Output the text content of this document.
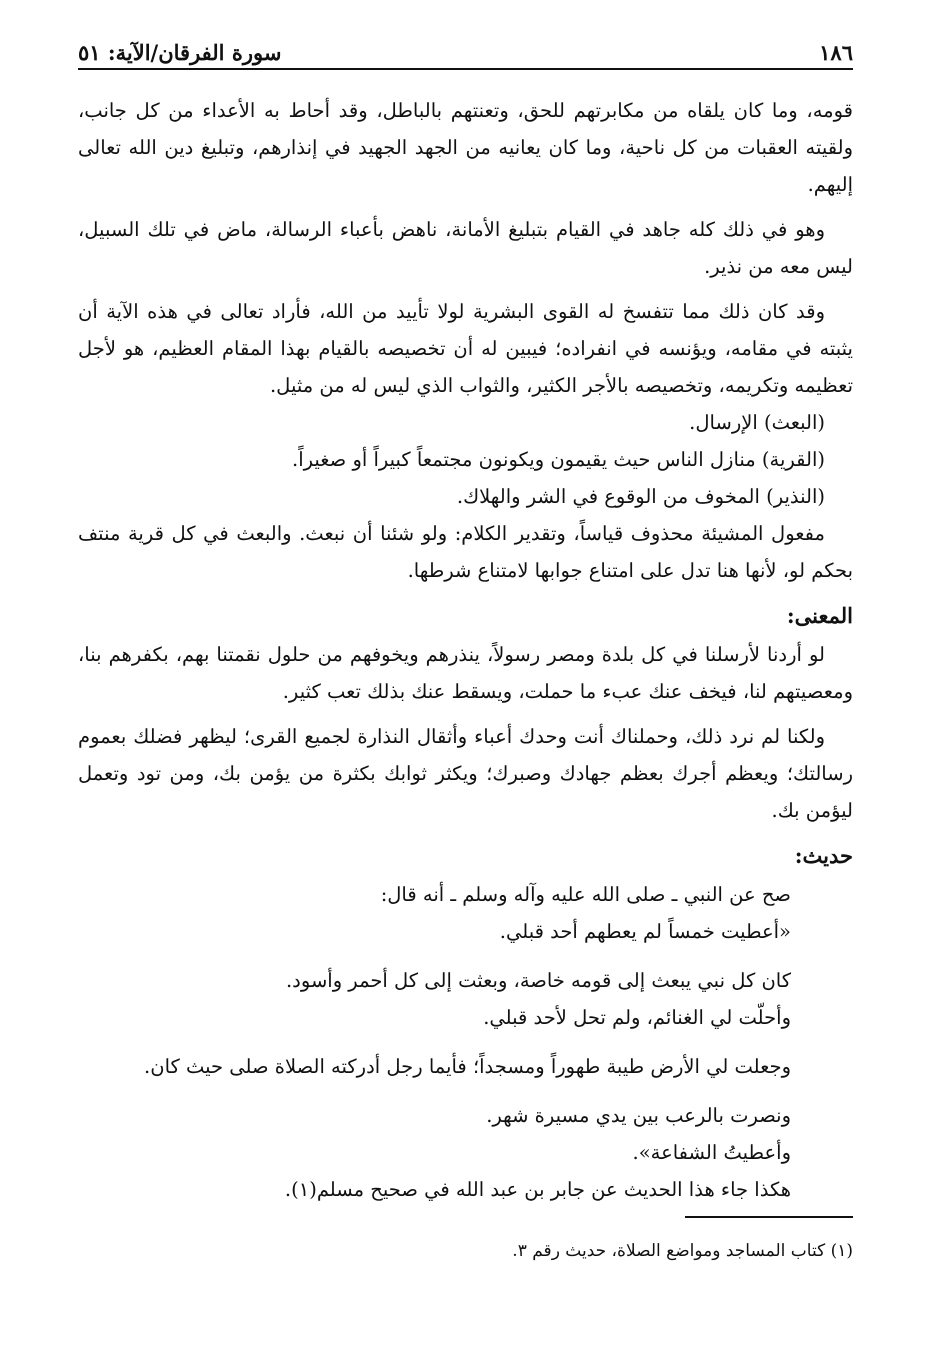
١٨٦
سورة الفرقان/الآية: ٥١

قومه، وما كان يلقاه من مكابرتهم للحق، وتعنتهم بالباطل، وقد أحاط به الأعداء من كل جانب، ولقيته العقبات من كل ناحية، وما كان يعانيه من الجهد الجهيد في إنذارهم، وتبليغ دين الله تعالى إليهم.

وهو في ذلك كله جاهد في القيام بتبليغ الأمانة، ناهض بأعباء الرسالة، ماض في تلك السبيل، ليس معه من نذير.

وقد كان ذلك مما تتفسخ له القوى البشرية لولا تأييد من الله، فأراد تعالى في هذه الآية أن يثبته في مقامه، ويؤنسه في انفراده؛ فيبين له أن تخصيصه بالقيام بهذا المقام العظيم، هو لأجل تعظيمه وتكريمه، وتخصيصه بالأجر الكثير، والثواب الذي ليس له من مثيل.

(البعث) الإرسال.

(القرية) منازل الناس حيث يقيمون ويكونون مجتمعاً كبيراً أو صغيراً.

(النذير) المخوف من الوقوع في الشر والهلاك.

مفعول المشيئة محذوف قياساً، وتقدير الكلام: ولو شئنا أن نبعث. والبعث في كل قرية منتف بحكم لو، لأنها هنا تدل على امتناع جوابها لامتناع شرطها.

المعنى:

لو أردنا لأرسلنا في كل بلدة ومصر رسولاً، ينذرهم ويخوفهم من حلول نقمتنا بهم، بكفرهم بنا، ومعصيتهم لنا، فيخف عنك عبء ما حملت، ويسقط عنك بذلك تعب كثير.

ولكنا لم نرد ذلك، وحملناك أنت وحدك أعباء وأثقال النذارة لجميع القرى؛ ليظهر فضلك بعموم رسالتك؛ ويعظم أجرك بعظم جهادك وصبرك؛ ويكثر ثوابك بكثرة من يؤمن بك، ومن تود وتعمل ليؤمن بك.

حديث:

صح عن النبي ـ صلى الله عليه وآله وسلم ـ أنه قال:

«أعطيت خمساً لم يعطهم أحد قبلي.

كان كل نبي يبعث إلى قومه خاصة، وبعثت إلى كل أحمر وأسود.

وأحلّت لي الغنائم، ولم تحل لأحد قبلي.

وجعلت لي الأرض طيبة طهوراً ومسجداً؛ فأيما رجل أدركته الصلاة صلى حيث كان.

ونصرت بالرعب بين يدي مسيرة شهر.

وأعطيتُ الشفاعة».

هكذا جاء هذا الحديث عن جابر بن عبد الله في صحيح مسلم(١).

(١) كتاب المساجد ومواضع الصلاة، حديث رقم ٣.
